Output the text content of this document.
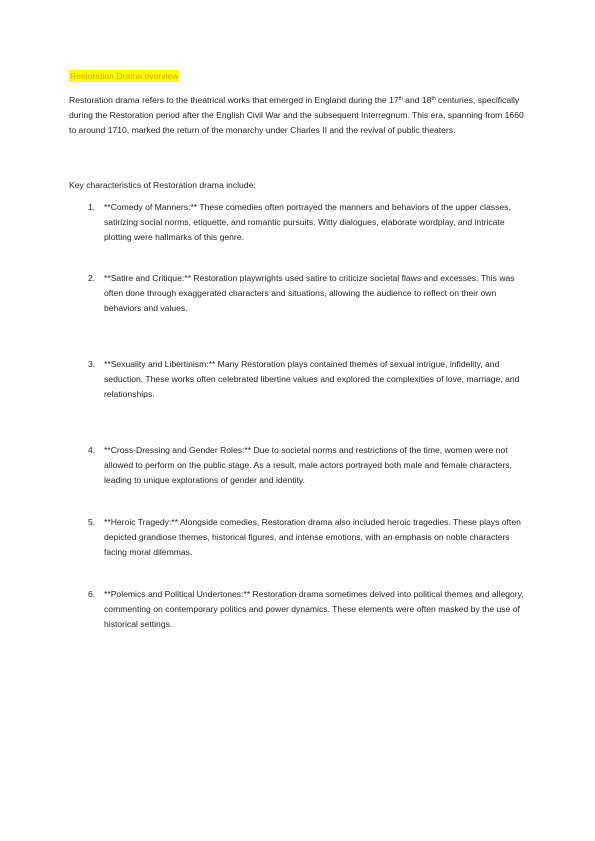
Restoration Drama overview
Restoration drama refers to the theatrical works that emerged in England during the 17th and 18th centuries, specifically during the Restoration period after the English Civil War and the subsequent Interregnum. This era, spanning from 1660 to around 1710, marked the return of the monarchy under Charles II and the revival of public theaters.
Key characteristics of Restoration drama include:
1. **Comedy of Manners:** These comedies often portrayed the manners and behaviors of the upper classes, satirizing social norms, etiquette, and romantic pursuits. Witty dialogues, elaborate wordplay, and intricate plotting were hallmarks of this genre.
2. **Satire and Critique:** Restoration playwrights used satire to criticize societal flaws and excesses. This was often done through exaggerated characters and situations, allowing the audience to reflect on their own behaviors and values.
3. **Sexuality and Libertinism:** Many Restoration plays contained themes of sexual intrigue, infidelity, and seduction. These works often celebrated libertine values and explored the complexities of love, marriage, and relationships.
4. **Cross-Dressing and Gender Roles:** Due to societal norms and restrictions of the time, women were not allowed to perform on the public stage. As a result, male actors portrayed both male and female characters, leading to unique explorations of gender and identity.
5. **Heroic Tragedy:** Alongside comedies, Restoration drama also included heroic tragedies. These plays often depicted grandiose themes, historical figures, and intense emotions, with an emphasis on noble characters facing moral dilemmas.
6. **Polemics and Political Undertones:** Restoration drama sometimes delved into political themes and allegory, commenting on contemporary politics and power dynamics. These elements were often masked by the use of historical settings.
